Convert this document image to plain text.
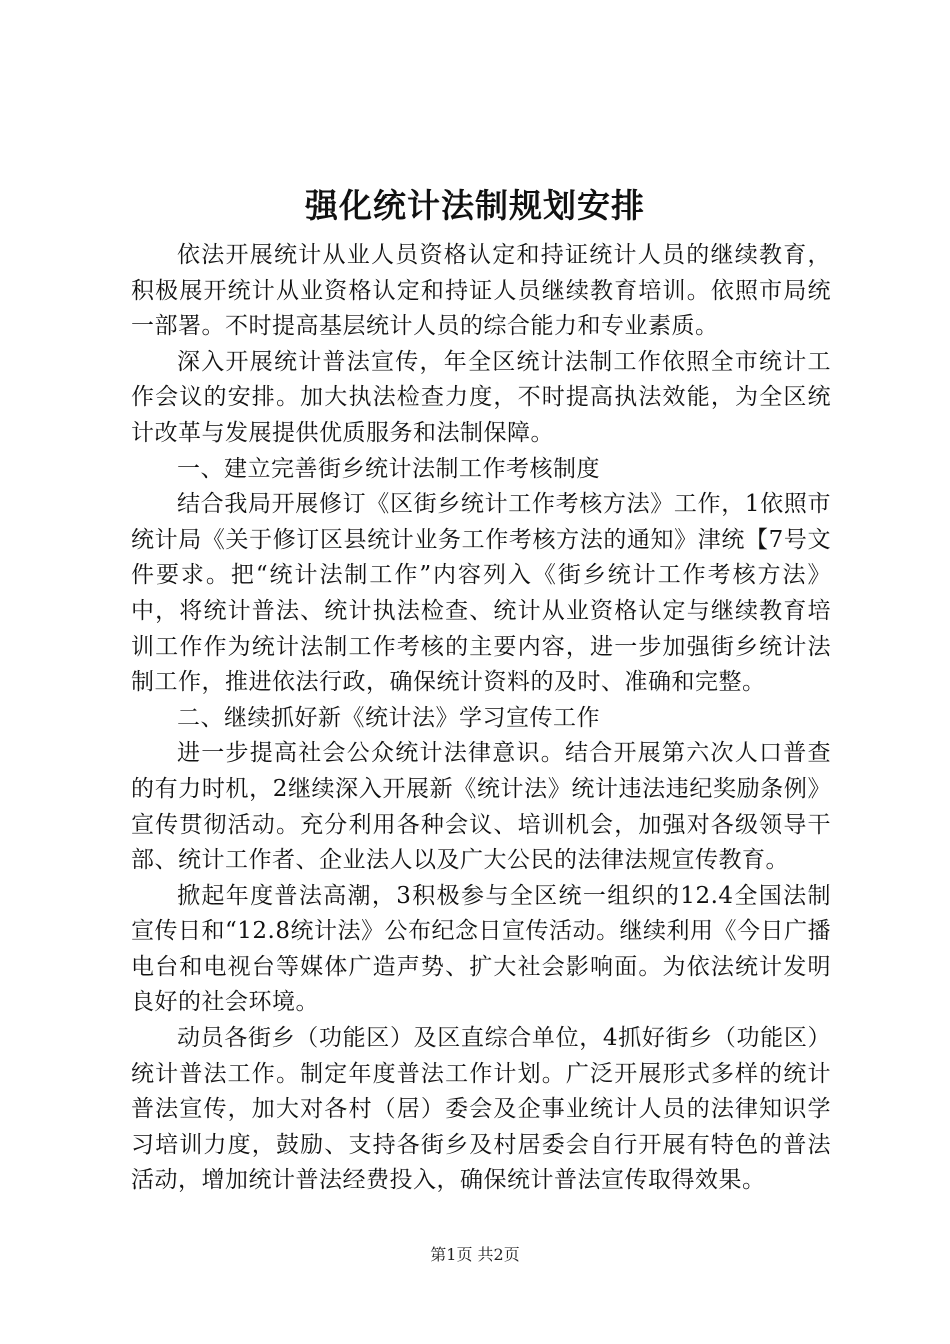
强化统计法制规划安排

依法开展统计从业人员资格认定和持证统计人员的继续教育，积极展开统计从业资格认定和持证人员继续教育培训。依照市局统一部署。不时提高基层统计人员的综合能力和专业素质。

深入开展统计普法宣传，年全区统计法制工作依照全市统计工作会议的安排。加大执法检查力度，不时提高执法效能，为全区统计改革与发展提供优质服务和法制保障。

一、建立完善街乡统计法制工作考核制度

结合我局开展修订《区街乡统计工作考核方法》工作，1依照市统计局《关于修订区县统计业务工作考核方法的通知》津统【7号文件要求。把“统计法制工作”内容列入《街乡统计工作考核方法》中，将统计普法、统计执法检查、统计从业资格认定与继续教育培训工作作为统计法制工作考核的主要内容，进一步加强街乡统计法制工作，推进依法行政，确保统计资料的及时、准确和完整。

二、继续抓好新《统计法》学习宣传工作

进一步提高社会公众统计法律意识。结合开展第六次人口普查的有力时机，2继续深入开展新《统计法》统计违法违纪奖励条例》宣传贯彻活动。充分利用各种会议、培训机会，加强对各级领导干部、统计工作者、企业法人以及广大公民的法律法规宣传教育。

掀起年度普法高潮，3积极参与全区统一组织的12.4全国法制宣传日和“12.8统计法》公布纪念日宣传活动。继续利用《今日广播电台和电视台等媒体广造声势、扩大社会影响面。为依法统计发明良好的社会环境。

动员各街乡（功能区）及区直综合单位，4抓好街乡（功能区）统计普法工作。制定年度普法工作计划。广泛开展形式多样的统计普法宣传，加大对各村（居）委会及企事业统计人员的法律知识学习培训力度，鼓励、支持各街乡及村居委会自行开展有特色的普法活动，增加统计普法经费投入，确保统计普法宣传取得效果。

第1页 共2页
